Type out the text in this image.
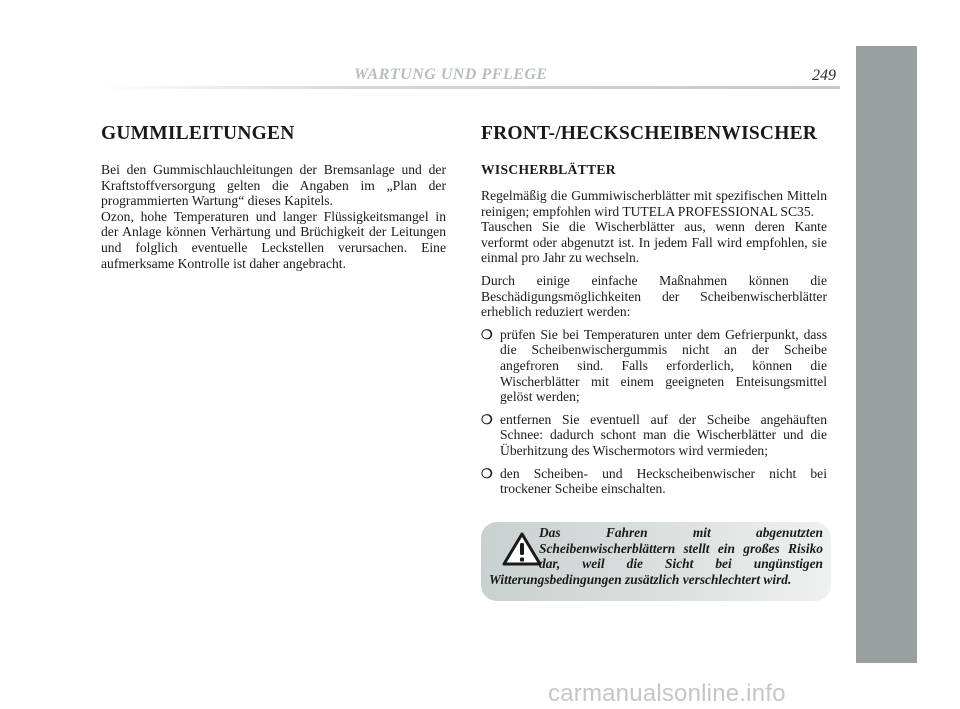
WARTUNG UND PFLEGE	249
GUMMILEITUNGEN

Bei den Gummischlauchleitungen der Bremsanlage und der Kraftstoffversorgung gelten die Angaben im „Plan der programmierten Wartung“ dieses Kapitels.
Ozon, hohe Temperaturen und langer Flüssigkeitsmangel in der Anlage können Verhärtung und Brüchigkeit der Leitungen und folglich eventuelle Leckstellen verursachen. Eine aufmerksame Kontrolle ist daher angebracht.

FRONT-/HECKSCHEIBENWISCHER
WISCHERBLÄTTER

Regelmäßig die Gummiwischerblätter mit spezifischen Mitteln reinigen; empfohlen wird TUTELA PROFESSIONAL SC35.
Tauschen Sie die Wischerblätter aus, wenn deren Kante verformt oder abgenutzt ist. In jedem Fall wird empfohlen, sie einmal pro Jahr zu wechseln.

Durch einige einfache Maßnahmen können die Beschädigungsmöglichkeiten der Scheibenwischerblätter erheblich reduziert werden:

❍ prüfen Sie bei Temperaturen unter dem Gefrierpunkt, dass die Scheibenwischergummis nicht an der Scheibe angefroren sind. Falls erforderlich, können die Wischerblätter mit einem geeigneten Enteisungsmittel gelöst werden;
❍ entfernen Sie eventuell auf der Scheibe angehäuften Schnee: dadurch schont man die Wischerblätter und die Überhitzung des Wischermotors wird vermieden;
❍ den Scheiben- und Heckscheibenwischer nicht bei trockener Scheibe einschalten.
Das Fahren mit abgenutzten Scheibenwischerblättern stellt ein großes Risiko dar, weil die Sicht bei ungünstigen Witterungsbedingungen zusätzlich verschlechtert wird.
carmanualsonline.info
